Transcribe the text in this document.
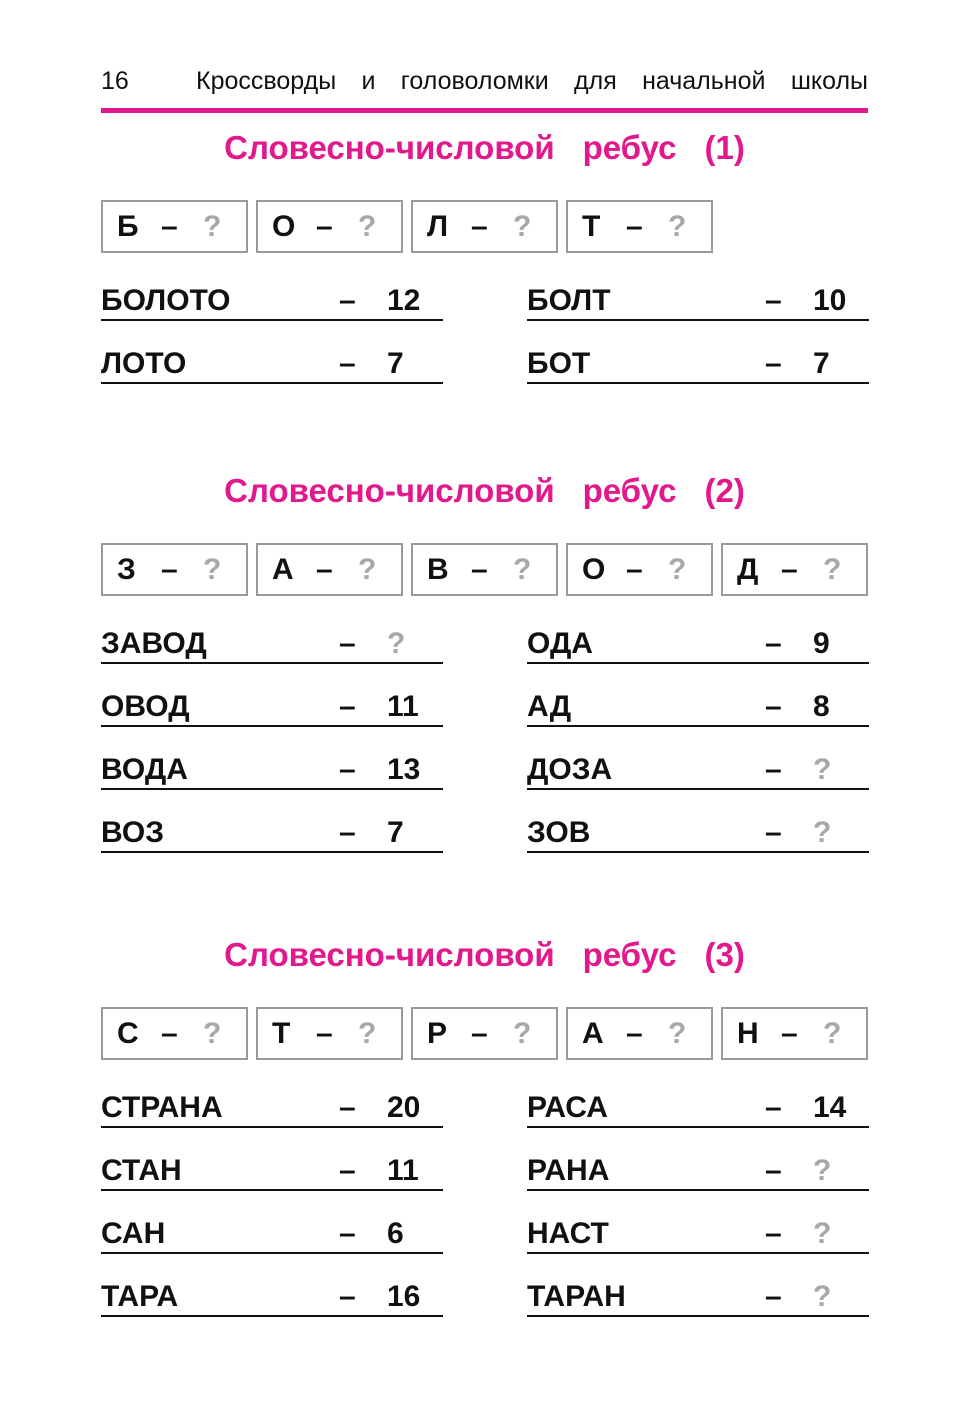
16	Кроссворды и головоломки для начальной школы
Словесно-числовой ребус (1)
Б – ? О – ? Л – ? Т – ?
БОЛОТО	– 12
ЛОТО	– 7
БОЛТ	– 10
БОТ	– 7
Словесно-числовой ребус (2)
З – ? А – ? В – ? О – ? Д – ?
ЗАВОД	– ?
ОВОД	– 11
ВОДА	– 13
ВОЗ	– 7
ОДА	– 9
АД	– 8
ДОЗА	– ?
ЗОВ	– ?
Словесно-числовой ребус (3)
С – ? Т – ? Р – ? А – ? Н – ?
СТРАНА	– 20
СТАН	– 11
САН	– 6
ТАРА	– 16
РАСА	– 14
РАНА	– ?
НАСТ	– ?
ТАРАН	– ?
